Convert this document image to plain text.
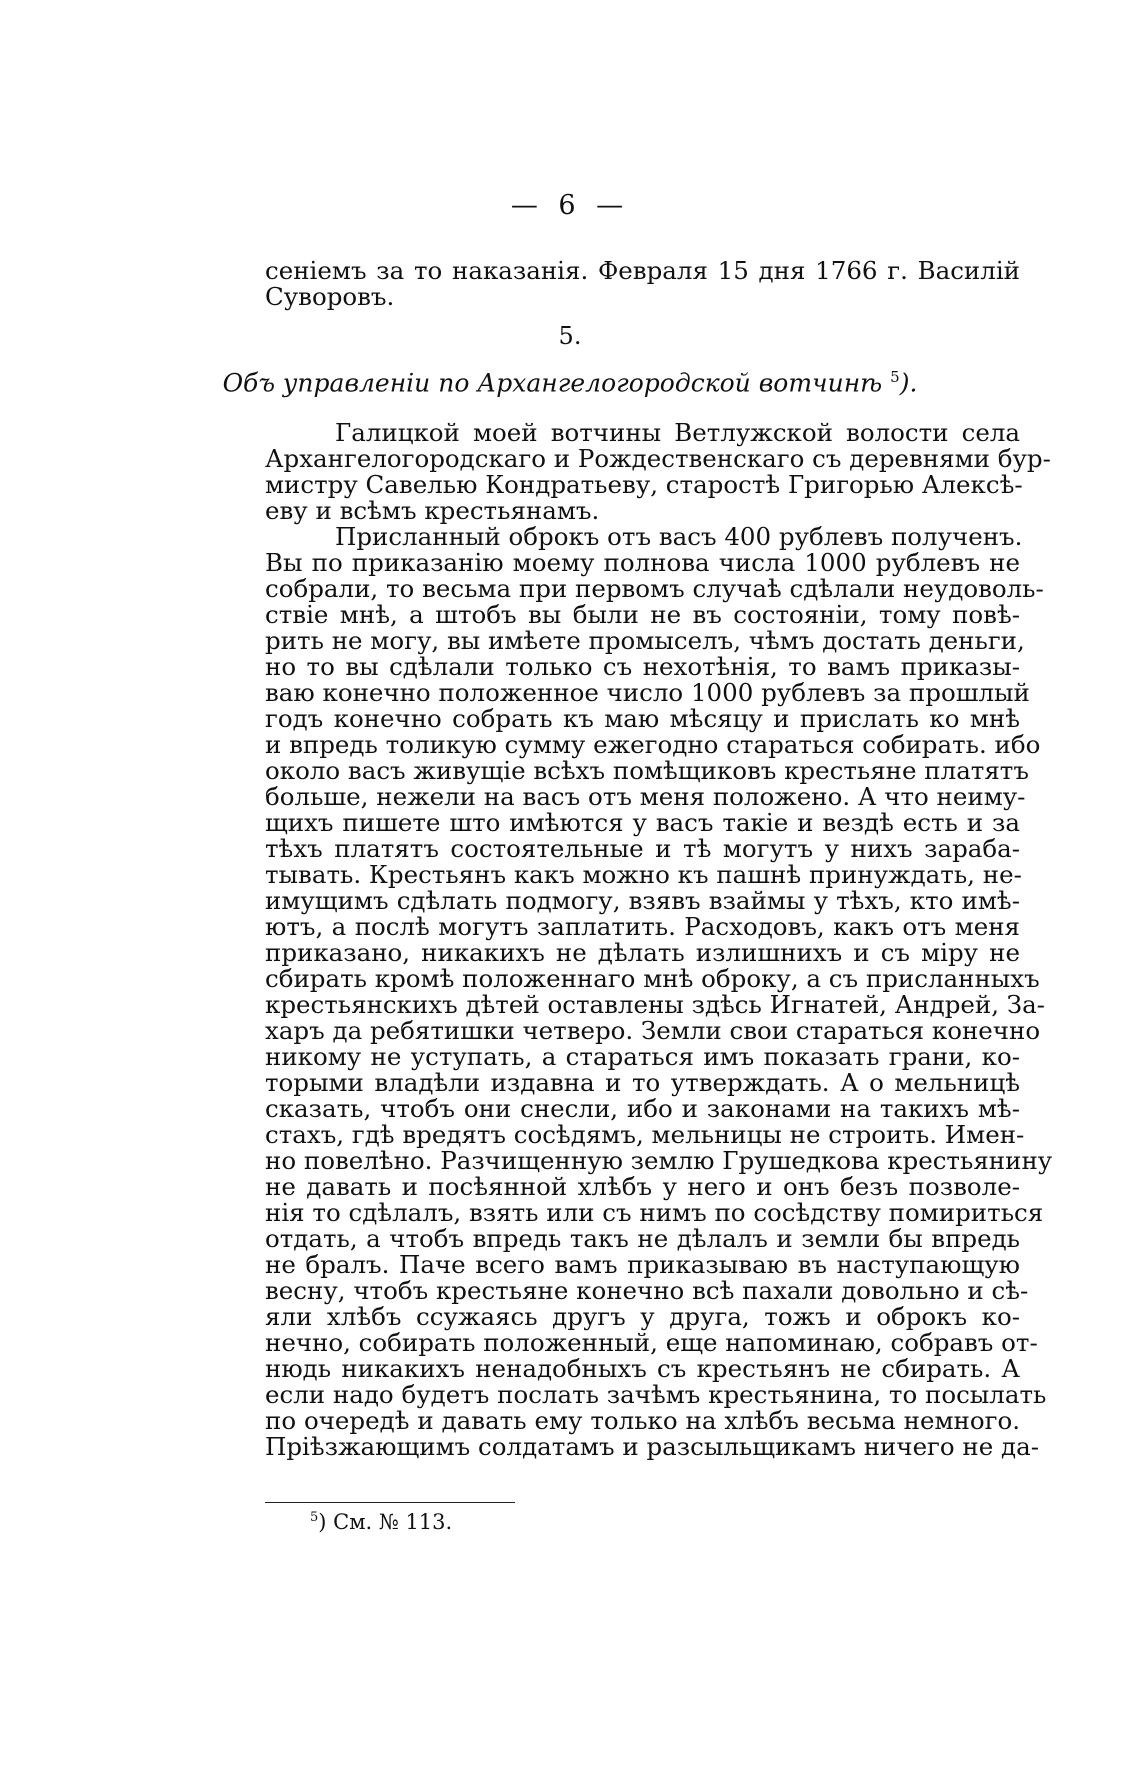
— 6 —
сеніемъ за то наказанія. Февраля 15 дня 1766 г. Василій
Суворовъ.
5.
Объ управленіи по Архангелогородской вотчинѣ $^5$).
Галицкой моей вотчины Ветлужской волости села
Архангелогородскаго и Рождественскаго съ деревнями бур-
мистру Савелью Кондратьеву, старостѣ Григорью Алексѣ-
еву и всѣмъ крестьянамъ.
Присланный оброкъ отъ васъ 400 рублевъ полученъ.
Вы по приказанію моему полнова числа 1000 рублевъ не
собрали, то весьма при первомъ случаѣ сдѣлали неудоволь-
ствіе мнѣ, а штобъ вы были не въ состояніи, тому повѣ-
рить не могу, вы имѣете промыселъ, чѣмъ достать деньги,
но то вы сдѣлали только съ нехотѣнія, то вамъ приказы-
ваю конечно положенное число 1000 рублевъ за прошлый
годъ конечно собрать къ маю мѣсяцу и прислать ко мнѣ
и впредь толикую сумму ежегодно стараться собирать. ибо
около васъ живущіе всѣхъ помѣщиковъ крестьяне платятъ
больше, нежели на васъ отъ меня положено. А что неиму-
щихъ пишете што имѣются у васъ такіе и вездѣ есть и за
тѣхъ платятъ состоятельные и тѣ могутъ у нихъ зараба-
тывать. Крестьянъ какъ можно къ пашнѣ принуждать, не-
имущимъ сдѣлать подмогу, взявъ взаймы у тѣхъ, кто имѣ-
ютъ, а послѣ могутъ заплатить. Расходовъ, какъ отъ меня
приказано, никакихъ не дѣлать излишнихъ и съ міру не
сбирать кромѣ положеннаго мнѣ оброку, а съ присланныхъ
крестьянскихъ дѣтей оставлены здѣсь Игнатей, Андрей, За-
харъ да ребятишки четверо. Земли свои стараться конечно
никому не уступать, а стараться имъ показать грани, ко-
торыми владѣли издавна и то утверждать. А о мельницѣ
сказать, чтобъ они снесли, ибо и законами на такихъ мѣ-
стахъ, гдѣ вредятъ сосѣдямъ, мельницы не строить. Имен-
но повелѣно. Разчищенную землю Грушедкова крестьянину
не давать и посѣянной хлѣбъ у него и онъ безъ позволе-
нія то сдѣлалъ, взять или съ нимъ по сосѣдству помириться
отдать, а чтобъ впредь такъ не дѣлалъ и земли бы впредь
не бралъ. Паче всего вамъ приказываю въ наступающую
весну, чтобъ крестьяне конечно всѣ пахали довольно и сѣ-
яли хлѣбъ ссужаясь другъ у друга, тожъ и оброкъ ко-
нечно, собирать положенный, еще напоминаю, собравъ от-
нюдь никакихъ ненадобныхъ съ крестьянъ не сбирать. А
если надо будетъ послать зачѣмъ крестьянина, то посылать
по очередѣ и давать ему только на хлѣбъ весьма немного.
Пріѣзжающимъ солдатамъ и разсыльщикамъ ничего не да-
$^5$) См. № 113.
